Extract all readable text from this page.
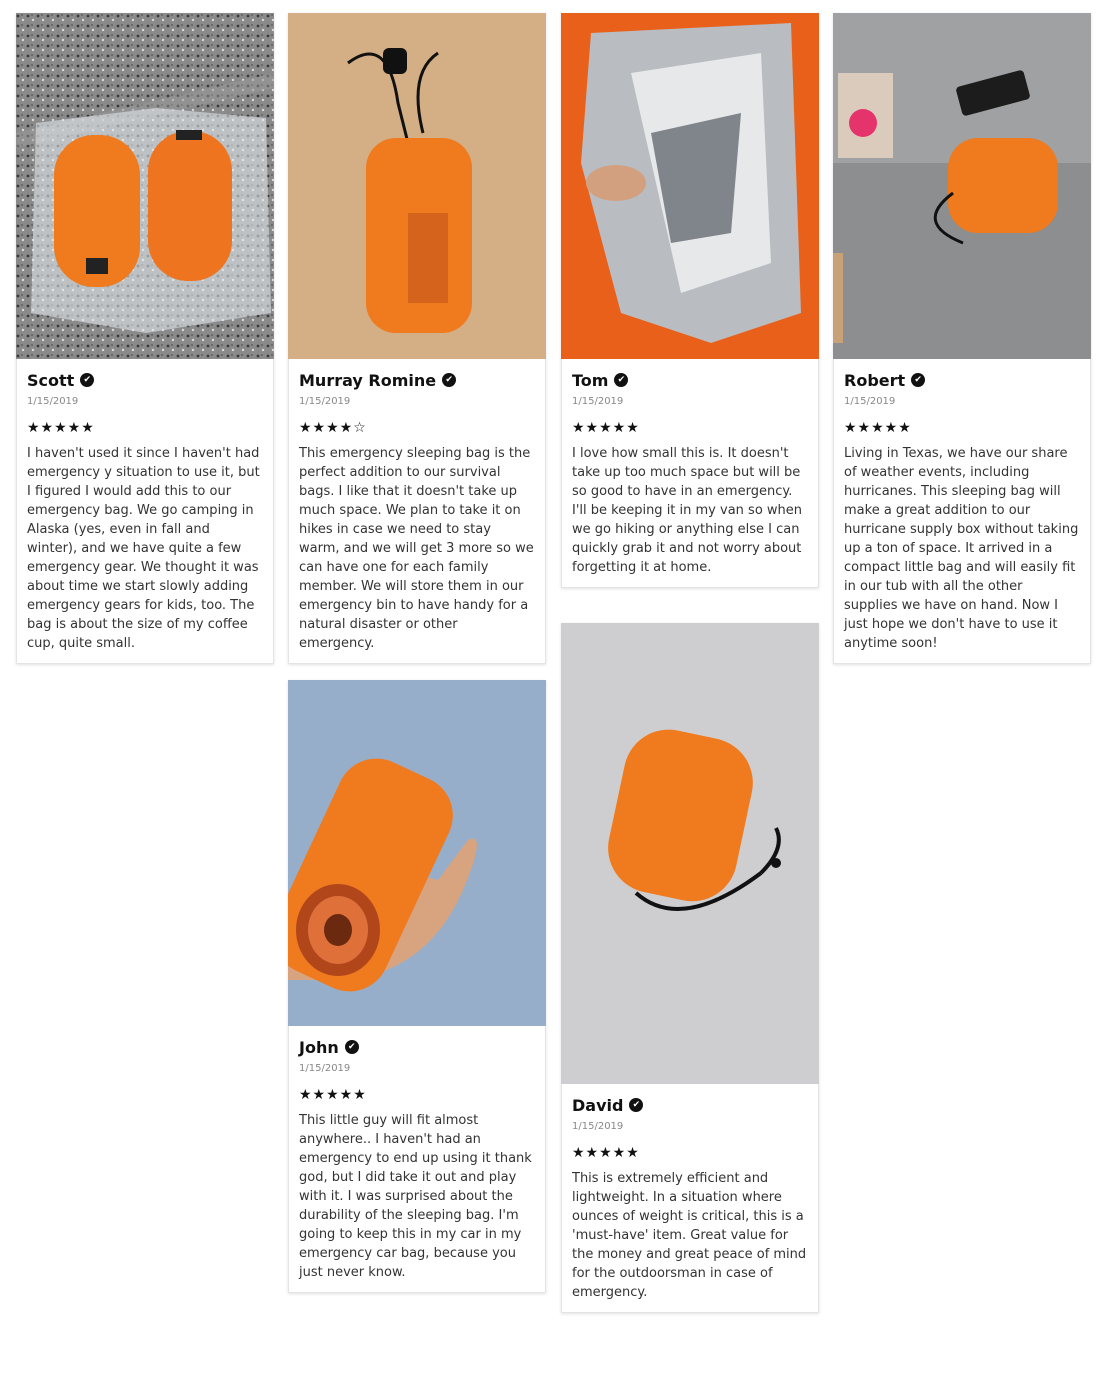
Scott	✔
1/15/2019
★★★★★
I haven't used it since I haven't had emergency y situation to use it, but I figured I would add this to our emergency bag. We go camping in Alaska (yes, even in fall and winter), and we have quite a few emergency gear. We thought it was about time we start slowly adding emergency gears for kids, too. The bag is about the size of my coffee cup, quite small.
Murray Romine	✔
1/15/2019
★★★★☆
This emergency sleeping bag is the perfect addition to our survival bags. I like that it doesn't take up much space. We plan to take it on hikes in case we need to stay warm, and we will get 3 more so we can have one for each family member. We will store them in our emergency bin to have handy for a natural disaster or other emergency.
Tom	✔
1/15/2019
★★★★★
I love how small this is. It doesn't take up too much space but will be so good to have in an emergency. I'll be keeping it in my van so when we go hiking or anything else I can quickly grab it and not worry about forgetting it at home.
Robert	✔
1/15/2019
★★★★★
Living in Texas, we have our share of weather events, including hurricanes. This sleeping bag will make a great addition to our hurricane supply box without taking up a ton of space. It arrived in a compact little bag and will easily fit in our tub with all the other supplies we have on hand. Now I just hope we don't have to use it anytime soon!
John	✔
1/15/2019
★★★★★
This little guy will fit almost anywhere.. I haven't had an emergency to end up using it thank god, but I did take it out and play with it. I was surprised about the durability of the sleeping bag. I'm going to keep this in my car in my emergency car bag, because you just never know.
David	✔
1/15/2019
★★★★★
This is extremely efficient and lightweight. In a situation where ounces of weight is critical, this is a 'must-have' item. Great value for the money and great peace of mind for the outdoorsman in case of emergency.
